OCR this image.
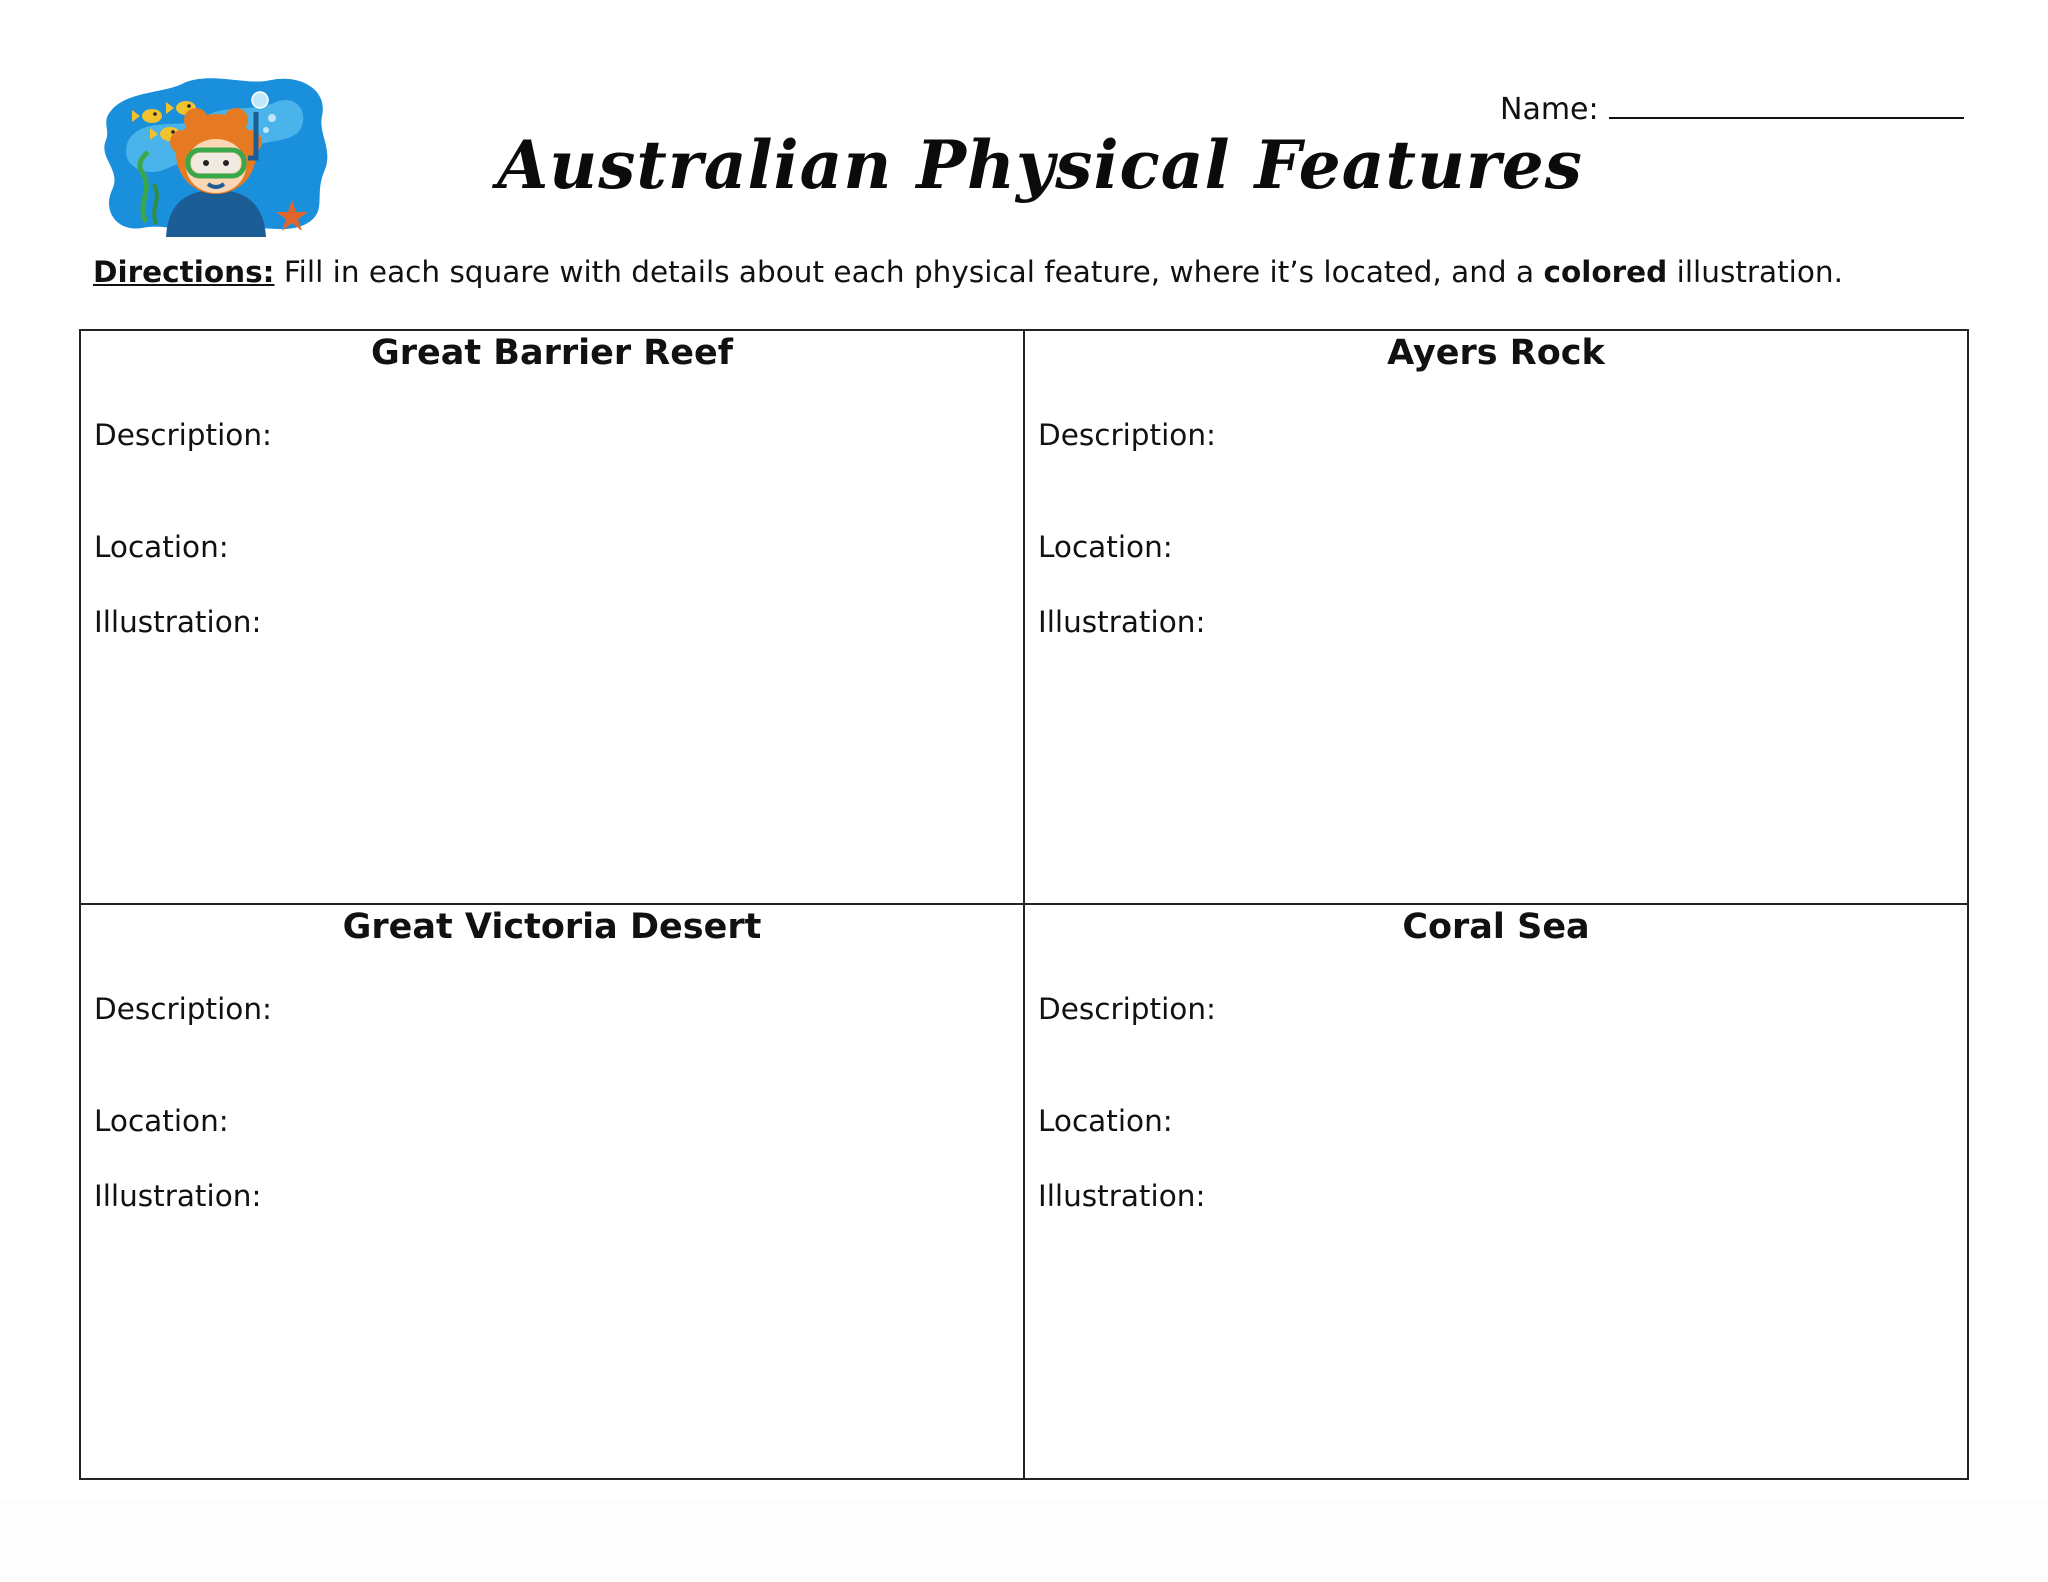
Name:
Australian Physical Features
Directions: Fill in each square with details about each physical feature, where it’s located, and a colored illustration.
Great Barrier Reef
Description:
Location:
Illustration:
Ayers Rock
Description:
Location:
Illustration:
Great Victoria Desert
Description:
Location:
Illustration:
Coral Sea
Description:
Location:
Illustration:
